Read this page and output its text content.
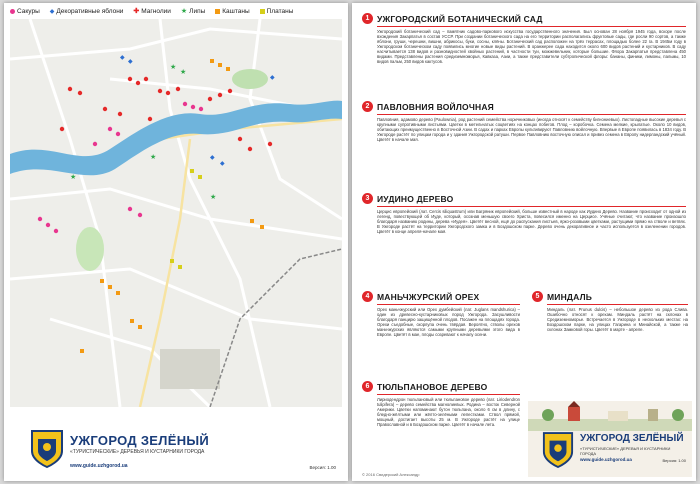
Сакуры ◆ Декоративные яблони ✚ Магнолии ★ Липы	Каштаны	Платаны
★
★
★
★
★
◆
◆
◆
◆
◆
УЖГОРОД ЗЕЛЁНЫЙ
«ТУРИСТИЧЕСКИЕ» ДЕРЕВЬЯ И КУСТАРНИКИ ГОРОДА
www.guide.uzhgorod.ua	Версия: 1.00
1 УЖГОРОДСКИЙ БОТАНИЧЕСКИЙ САД
Ужгородский ботанический сад – памятник садово-паркового искусства государственного значения. Был основан 28 ноября 1945 года, вскоре после вхождения Закарпатья в состав УССР. При создании ботанического сада на его территории располагались фруктовые сады, где росли 90 сортов, а также яблони, груши, черешни, вишни, абрикосы, буки, сосны, клёны. Ботанический сад расположен на трёх террасах, площадью более 22 га. В 1945м году в Ужгородском ботаническом саду появились многие новые виды растений. В оранжерее сада находится около 600 видов растений и кустарников. В саду насчитывается 138 видов и разновидностей хвойных растений, в частности туи, можжевельник, которые большие. Флора Закарпатья представлена 450 видами. Представлены растения средиземноморья, Кавказа, Азии, а также представители субтропической флоры: бананы, финики, лимоны, пальмы, 10 видов пальм, 250 видов кактусов.
2 ПАВЛОВНИЯ ВОЙЛОЧНАЯ
Павловния, адамово дерево (Paulownia), род растений семейства норичниковых (иногда относят к семейству бигнониевых). Листопадные высокие деревья с крупными супротивными листьями. Цветки в метельчатых соцветиях на концах побегов. Плод – коробочка. Семена мелкие, крылатые. Около 10 видов, обитающих преимущественно в Восточной Азии. В садах и парках Европы культивируют Павловнию войлочную. Впервые в Европе появилась в 1834 году. В Ужгороде растёт по улицам города и у здания Ужгородской ратуши. Первое Павловнию восточную описал и привез семена в Европу нидерландский учёный. Цветёт в начале мая.
3 ИУДИНО ДЕРЕВО
Церцис европейский (лат. Cercis siliquastrum) или Багряник европейский, больше известный в народе как Иудино Дерево. Название происходит от одной из легенд, повествующей об Иуде, который, осознав меньшую своего Христа, повесился именно на Церцисе. Учёные считают, что название произошло благодаря названию родины, дерева «Иудея». Цветёт весной, ещё до распускания листьев, ярко-розовыми цветками, растущими прямо на стволе и ветвях. В Ужгороде растёт на территории Ужгородского замка и в Боздошском парке. Дерево очень декоративное и часто используется в озеленении городов. Цветёт в конце апреля-начале мая.
4 МАНЬЧЖУРСКИЙ ОРЕХ
Орех маньчжурский или Орех думбейский (лат. Juglans mandshurica) – один из древесно-кустарниковых пород Ужгорода. Засушливости благодаря панцирю защищённой плодов. Посажен на площадях города. Орехи съедобные, скорлупа очень твёрдая. Вероятно, стволы орехов маньчжурских являются самыми крупными деревьями этого вида в Европе. Цветёт в мае, плоды созревают к началу осени.
5 МИНДАЛЬ
Миндаль (лат. Prunus dulcis) – небольшое дерево из рода Слива. Ошибочно относят к орехам. Миндаль растёт на склонах в Средиземноморье. Встречается в Ужгороде в нескольких местах: на Боздошском парке, на улицах Гагарина и Минайской, а также на склонах Замковой горы. Цветёт в марте - апреле.
6 ТЮЛЬПАНОВОЕ ДЕРЕВО
Лириодендрон тюльпановый или тюльпановое дерево (лат. Liriodendron tulipifera) – дерево семейства магнолиевых. Родина – восток Северной Америки. Цветки напоминают бутон тюльпана, около 6 см в длину, с бледно-жёлтыми или жёлто-зелёными лепестками. Ствол прямой, мощный, достигает высоты 25 м. В Ужгороде растёт на улице Православной и в Боздошском парке. Цветёт в начале лета.
УЖГОРОД ЗЕЛЁНЫЙ
«ТУРИСТИЧЕСКИЕ» ДЕРЕВЬЯ И КУСТАРНИКИ ГОРОДА
www.guide.uzhgorod.ua	Версия: 1.00
© 2016 Свидерский Александр
